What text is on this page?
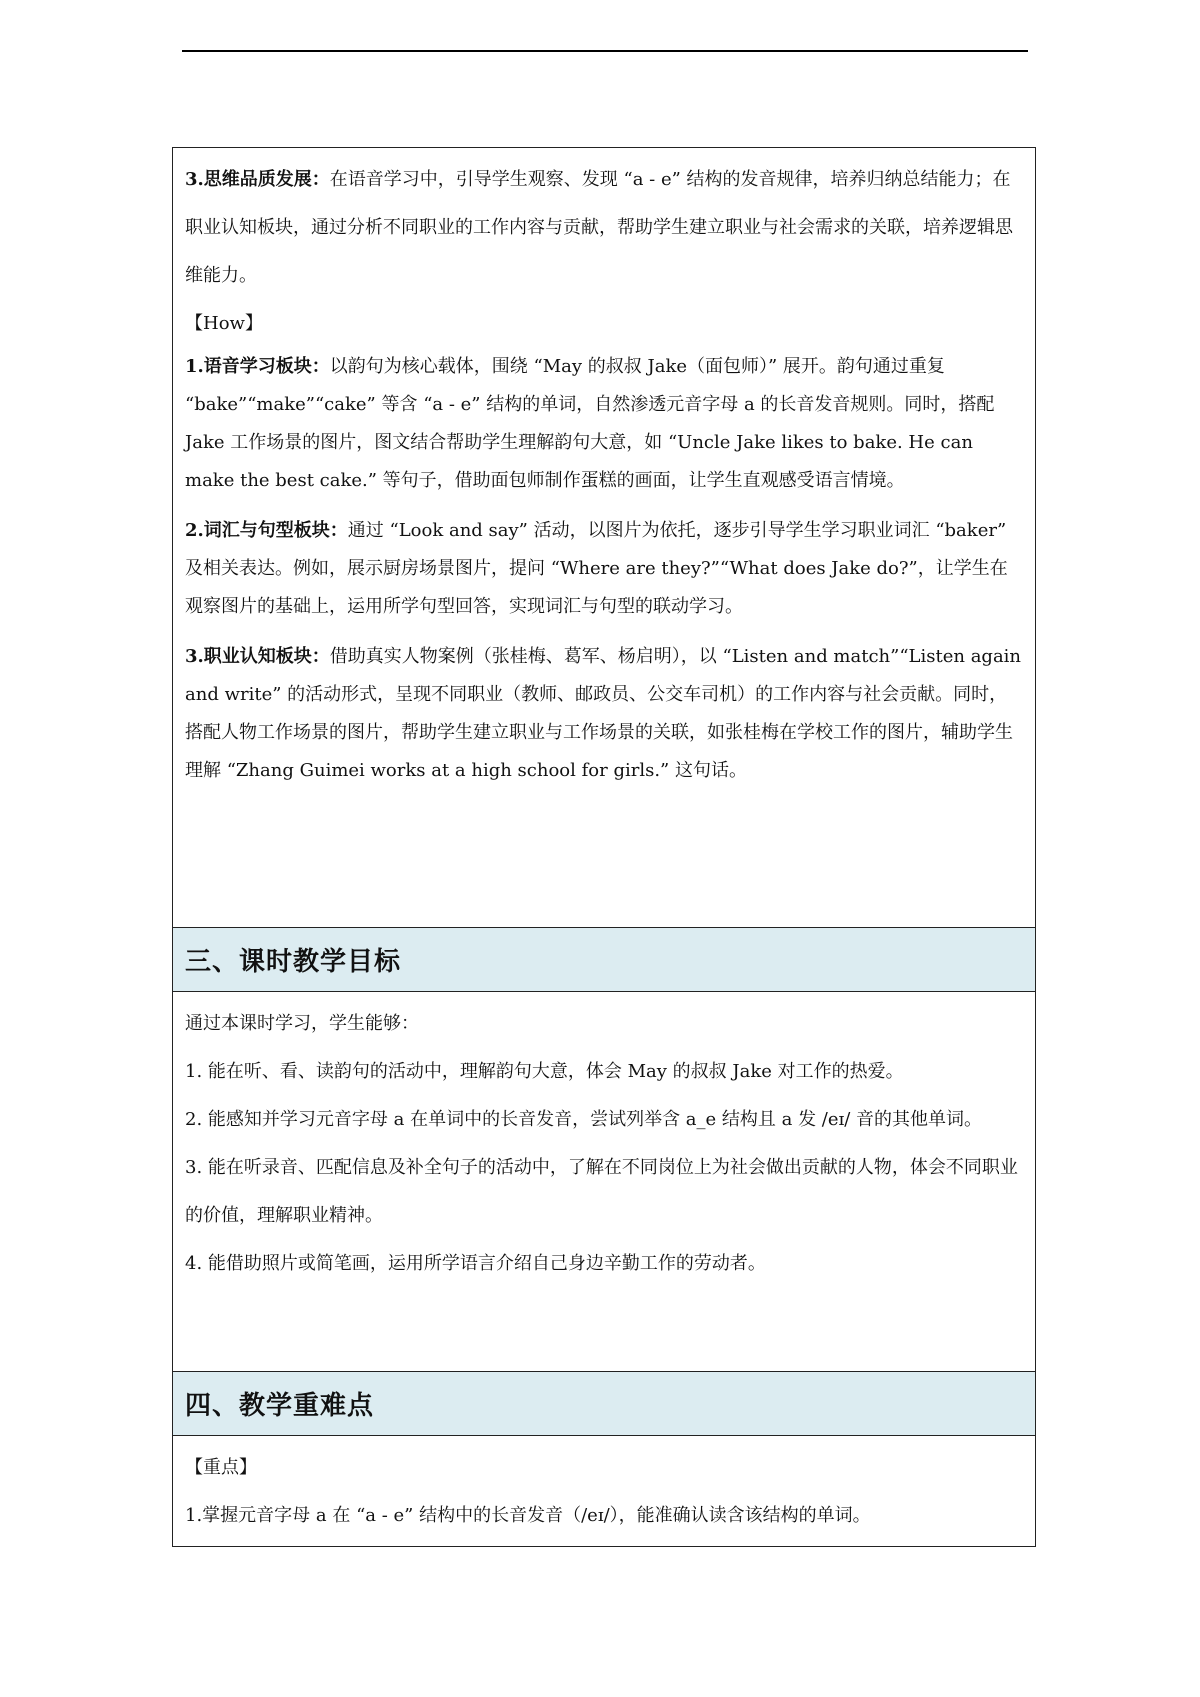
3.思维品质发展：在语音学习中，引导学生观察、发现 “a - e” 结构的发音规律，培养归纳总结能力；在职业认知板块，通过分析不同职业的工作内容与贡献，帮助学生建立职业与社会需求的关联，培养逻辑思维能力。

【How】

1.语音学习板块：以韵句为核心载体，围绕 “May 的叔叔 Jake（面包师）” 展开。韵句通过重复 “bake”“make”“cake” 等含 “a - e” 结构的单词，自然渗透元音字母 a 的长音发音规则。同时，搭配 Jake 工作场景的图片，图文结合帮助学生理解韵句大意，如 “Uncle Jake likes to bake. He can make the best cake.” 等句子，借助面包师制作蛋糕的画面，让学生直观感受语言情境。

2.词汇与句型板块：通过 “Look and say” 活动，以图片为依托，逐步引导学生学习职业词汇 “baker” 及相关表达。例如，展示厨房场景图片，提问 “Where are they?”“What does Jake do?”，让学生在观察图片的基础上，运用所学句型回答，实现词汇与句型的联动学习。

3.职业认知板块：借助真实人物案例（张桂梅、葛军、杨启明），以 “Listen and match”“Listen again and write” 的活动形式，呈现不同职业（教师、邮政员、公交车司机）的工作内容与社会贡献。同时，搭配人物工作场景的图片，帮助学生建立职业与工作场景的关联，如张桂梅在学校工作的图片，辅助学生理解 “Zhang Guimei works at a high school for girls.” 这句话。

三、课时教学目标

通过本课时学习，学生能够：

1. 能在听、看、读韵句的活动中，理解韵句大意，体会 May 的叔叔 Jake 对工作的热爱。

2. 能感知并学习元音字母 a 在单词中的长音发音，尝试列举含 a_e 结构且 a 发 /eɪ/ 音的其他单词。

3. 能在听录音、匹配信息及补全句子的活动中，了解在不同岗位上为社会做出贡献的人物，体会不同职业的价值，理解职业精神。

4. 能借助照片或简笔画，运用所学语言介绍自己身边辛勤工作的劳动者。

四、教学重难点

【重点】

1.掌握元音字母 a 在 “a - e” 结构中的长音发音（/eɪ/），能准确认读含该结构的单词。
